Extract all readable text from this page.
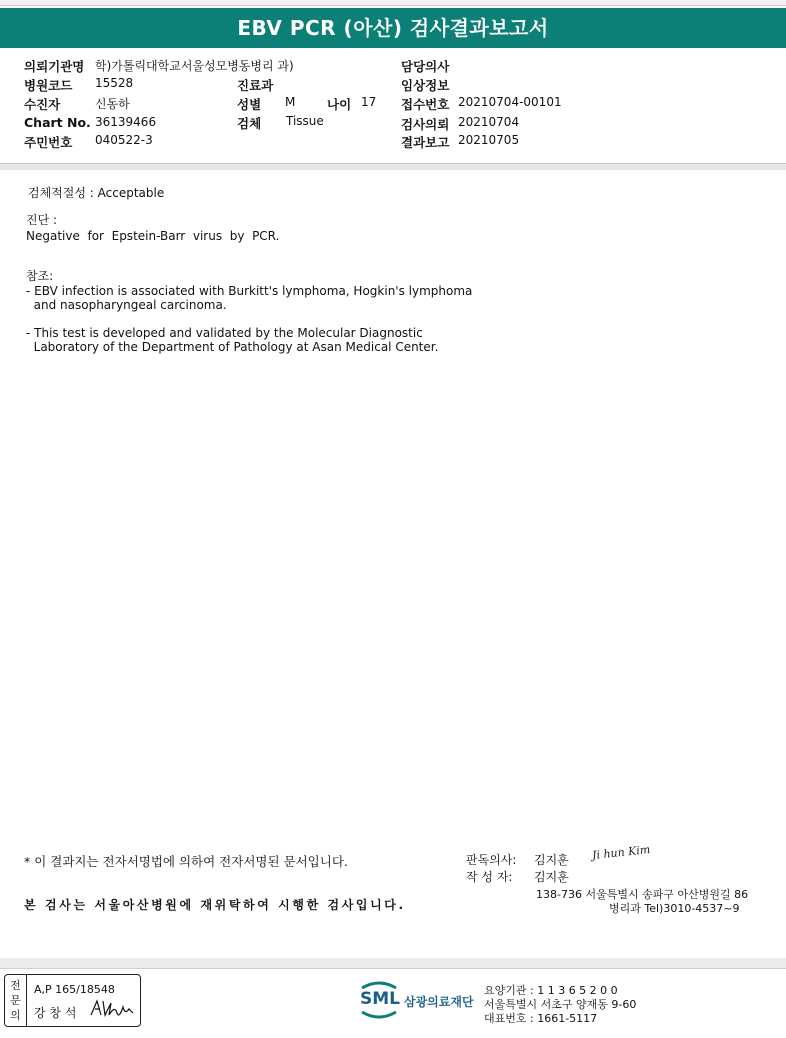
EBV PCR (아산) 검사결과보고서
의뢰기관명 학)가톨릭대학교서울성모병동병리 과)
병원코드 15528
수진자	신동하
Chart No. 36139466
주민번호 040522-3
진료과
성별 M	나이 17
검체 Tissue
담당의사
임상정보
접수번호 20210704-00101
검사의뢰 20210704
결과보고 20210705
검체적절성 : Acceptable
진단 :
Negative  for  Epstein-Barr  virus  by  PCR.
참조:
- EBV infection is associated with Burkitt's lymphoma, Hogkin's lymphoma
and nasopharyngeal carcinoma.
- This test is developed and validated by the Molecular Diagnostic
Laboratory of the Department of Pathology at Asan Medical Center.
* 이 결과지는 전자서명법에 의하여 전자서명된 문서입니다.
본 검사는 서울아산병원에 재위탁하여 시행한 검사입니다.
판독의사: 김지훈
작 성 자: 김지훈
Ji hun Kim
138-736 서울특별시 송파구 아산병원길 86
병리과 Tel)3010-4537~9
전
문
의
A,P 165/18548
강 창 석
SML 삼광의료재단
요양기관 : 1 1 3 6 5 2 0 0
서울특별시 서초구 양재동 9-60
대표번호 : 1661-5117
